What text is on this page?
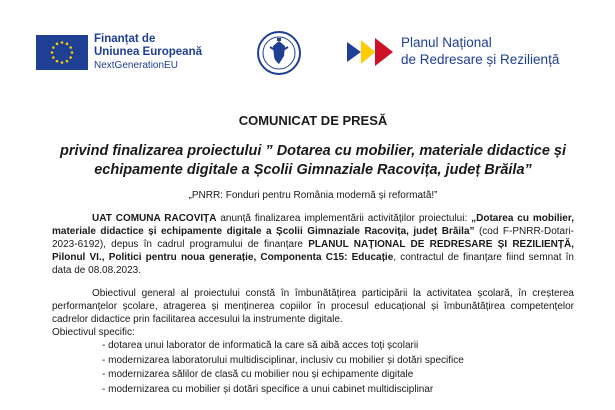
Finanțat de
Uniunea Europeană
NextGenerationEU
Planul Național
de Redresare și Reziliență
COMUNICAT DE PRESĂ
privind finalizarea proiectului ” Dotarea cu mobilier, materiale didactice și echipamente digitale a Școlii Gimnaziale Racovița, județ Brăila”
„PNRR: Fonduri pentru România modernă și reformată!”

UAT COMUNA RACOVIȚA anunță finalizarea implementării activităților proiectului: „Dotarea cu mobilier, materiale didactice și echipamente digitale a Școlii Gimnaziale Racovița, județ Brăila” (cod F-PNRR-Dotari-2023-6192), depus în cadrul programului de finanțare PLANUL NAȚIONAL DE REDRESARE ȘI REZILIENȚĂ, Pilonul VI., Politici pentru noua generație, Componenta C15: Educație, contractul de finanțare fiind semnat în data de 08.08.2023.

Obiectivul general al proiectului constă în îmbunătățirea participării la activitatea școlară, în creșterea performanțelor școlare, atragerea și menținerea copiilor în procesul educațional și îmbunătățirea competențelor cadrelor didactice prin facilitarea accesului la instrumente digitale.

Obiectivul specific:
- dotarea unui laborator de informatică la care să aibă acces toți școlarii
- modernizarea laboratorului multidisciplinar, inclusiv cu mobilier și dotări specifice
- modernizarea sălilor de clasă cu mobilier nou și echipamente digitale
- modernizarea cu mobilier și dotări specifice a unui cabinet multidisciplinar
